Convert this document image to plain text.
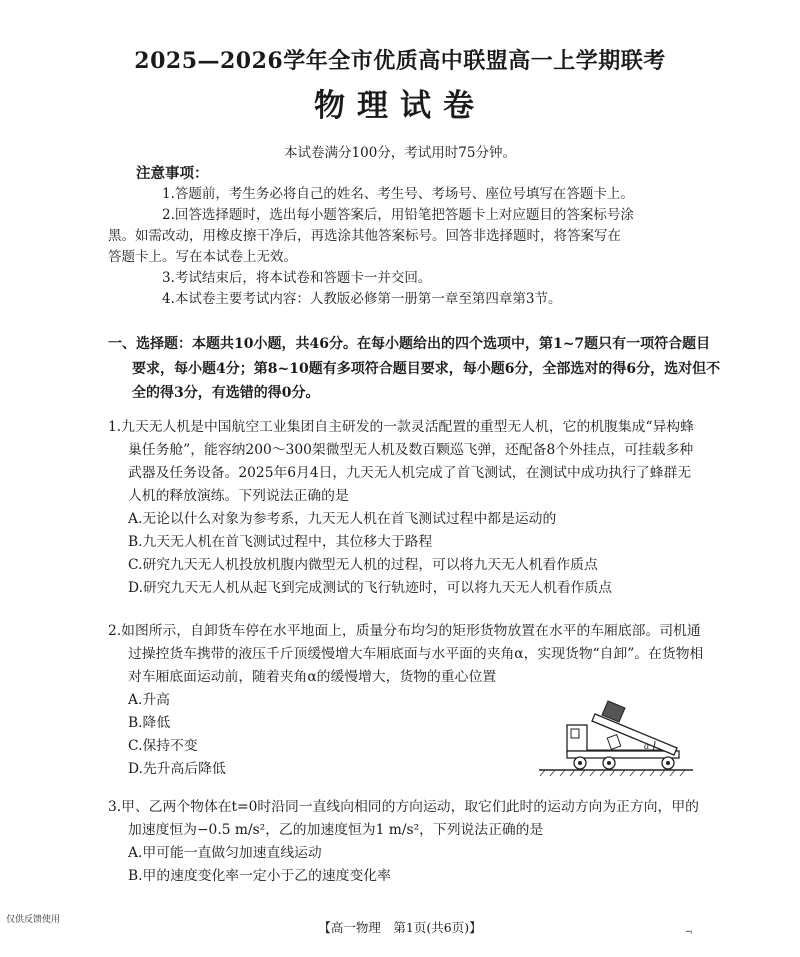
2025—2026学年全市优质高中联盟高一上学期联考
物理试卷
本试卷满分100分，考试用时75分钟。

注意事项：

1.答题前，考生务必将自己的姓名、考生号、考场号、座位号填写在答题卡上。

2.回答选择题时，选出每小题答案后，用铅笔把答题卡上对应题目的答案标号涂

黑。如需改动，用橡皮擦干净后，再选涂其他答案标号。回答非选择题时，将答案写在

答题卡上。写在本试卷上无效。

3.考试结束后，将本试卷和答题卡一并交回。

4.本试卷主要考试内容：人教版必修第一册第一章至第四章第3节。

一、选择题：本题共10小题，共46分。在每小题给出的四个选项中，第1~7题只有一项符合题目要求，每小题4分；第8~10题有多项符合题目要求，每小题6分，全部选对的得6分，选对但不全的得3分，有选错的得0分。

1.九天无人机是中国航空工业集团自主研发的一款灵活配置的重型无人机，它的机腹集成“异构蜂巢任务舱”，能容纳200～300架微型无人机及数百颗巡飞弹，还配备8个外挂点，可挂载多种武器及任务设备。2025年6月4日，九天无人机完成了首飞测试，在测试中成功执行了蜂群无人机的释放演练。下列说法正确的是

A.无论以什么对象为参考系，九天无人机在首飞测试过程中都是运动的

B.九天无人机在首飞测试过程中，其位移大于路程

C.研究九天无人机投放机腹内微型无人机的过程，可以将九天无人机看作质点

D.研究九天无人机从起飞到完成测试的飞行轨迹时，可以将九天无人机看作质点

2.如图所示，自卸货车停在水平地面上，质量分布均匀的矩形货物放置在水平的车厢底部。司机通过操控货车携带的液压千斤顶缓慢增大车厢底面与水平面的夹角α，实现货物“自卸”。在货物相对车厢底面运动前，随着夹角α的缓慢增大，货物的重心位置

A.升高

B.降低

C.保持不变

D.先升高后降低

α

3.甲、乙两个物体在t=0时沿同一直线向相同的方向运动，取它们此时的运动方向为正方向，甲的加速度恒为−0.5 m/s²，乙的加速度恒为1 m/s²，下列说法正确的是

A.甲可能一直做匀加速直线运动

B.甲的速度变化率一定小于乙的速度变化率

仅供反馈使用	【高一物理　第1页(共6页)】	¬
